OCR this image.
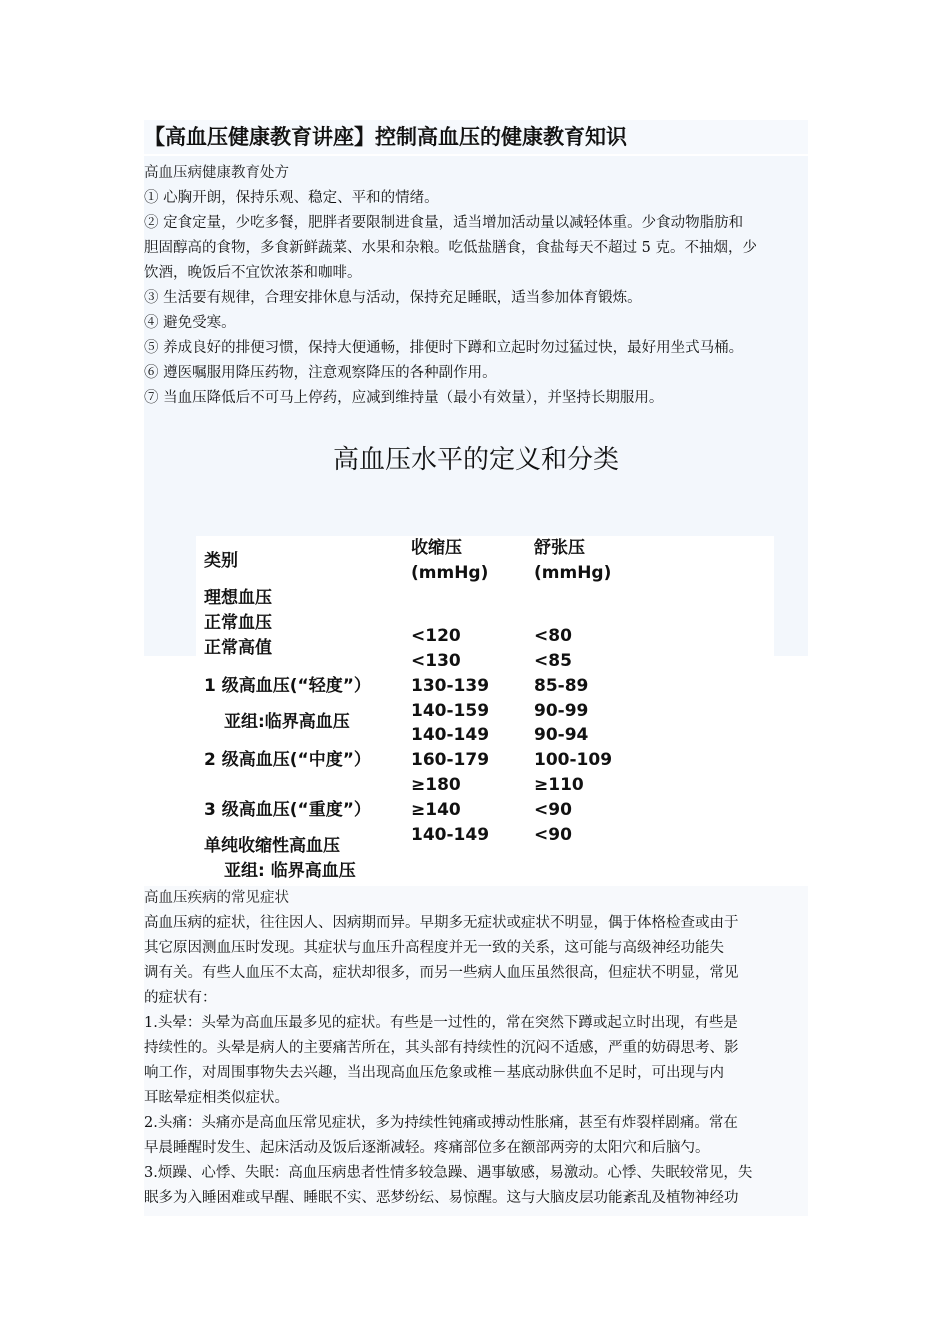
【高血压健康教育讲座】控制高血压的健康教育知识
高血压病健康教育处方
① 心胸开朗，保持乐观、稳定、平和的情绪。
② 定食定量，少吃多餐，肥胖者要限制进食量，适当增加活动量以减轻体重。少食动物脂肪和
胆固醇高的食物，多食新鲜蔬菜、水果和杂粮。吃低盐膳食，食盐每天不超过 5 克。不抽烟，少
饮酒，晚饭后不宜饮浓茶和咖啡。
③ 生活要有规律，合理安排休息与活动，保持充足睡眠，适当参加体育锻炼。
④ 避免受寒。
⑤ 养成良好的排便习惯，保持大便通畅，排便时下蹲和立起时勿过猛过快，最好用坐式马桶。
⑥ 遵医嘱服用降压药物，注意观察降压的各种副作用。
⑦ 当血压降低后不可马上停药，应减到维持量（最小有效量），并坚持长期服用。
高血压水平的定义和分类
类别
收缩压
(mmHg)
舒张压
(mmHg)
理想血压
正常血压
正常高值
1 级高血压(“轻度”）
亚组:临界高血压
2 级高血压(“中度”）
3 级高血压(“重度”）
单纯收缩性高血压
亚组: 临界高血压
<120
<130
130-139
140-159
140-149
160-179
≥180
≥140
140-149
<80
<85
85-89
90-99
90-94
100-109
≥110
<90
<90
高血压疾病的常见症状
高血压病的症状，往往因人、因病期而异。早期多无症状或症状不明显，偶于体格检查或由于
其它原因测血压时发现。其症状与血压升高程度并无一致的关系，这可能与高级神经功能失
调有关。有些人血压不太高，症状却很多，而另一些病人血压虽然很高，但症状不明显，常见
的症状有：
1.头晕：头晕为高血压最多见的症状。有些是一过性的，常在突然下蹲或起立时出现，有些是
持续性的。头晕是病人的主要痛苦所在，其头部有持续性的沉闷不适感，严重的妨碍思考、影
响工作，对周围事物失去兴趣，当出现高血压危象或椎－基底动脉供血不足时，可出现与内
耳眩晕症相类似症状。
2.头痛：头痛亦是高血压常见症状，多为持续性钝痛或搏动性胀痛，甚至有炸裂样剧痛。常在
早晨睡醒时发生、起床活动及饭后逐渐减轻。疼痛部位多在额部两旁的太阳穴和后脑勺。
3.烦躁、心悸、失眠：高血压病患者性情多较急躁、遇事敏感，易激动。心悸、失眠较常见，失
眠多为入睡困难或早醒、睡眠不实、恶梦纷纭、易惊醒。这与大脑皮层功能紊乱及植物神经功
